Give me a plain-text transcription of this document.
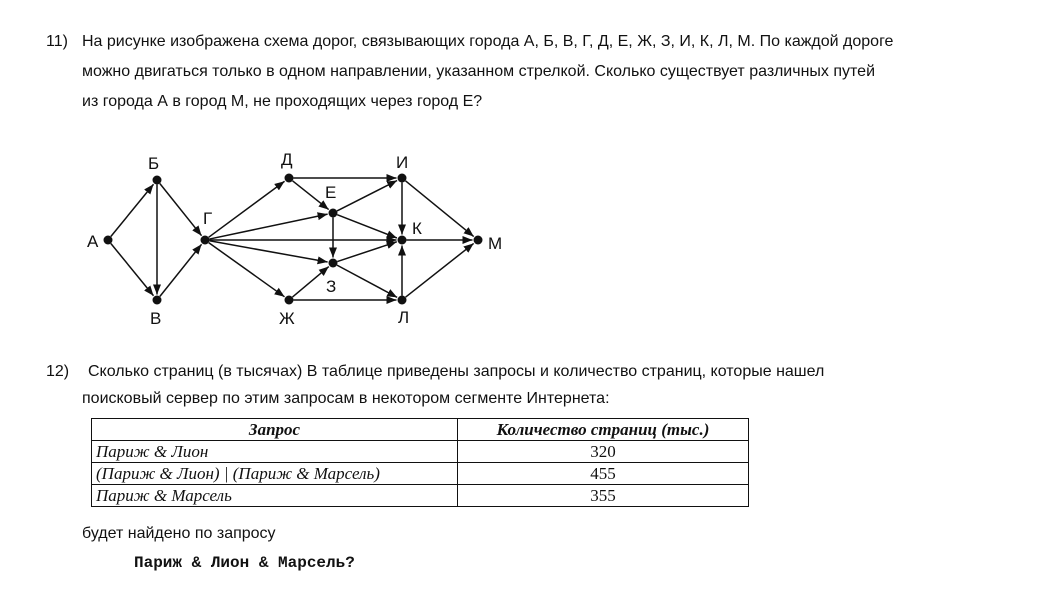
11) На рисунке изображена схема дорог, связывающих города А, Б, В, Г, Д, Е, Ж, З, И, К, Л, М. По каждой дороге
можно двигаться только в одном направлении, указанном стрелкой. Сколько существует различных путей
из города А в город М, не проходящих через город Е?
А
Б
В
Г
Д
Е
Ж
З
И
К
Л
М
12) Сколько страниц (в тысячах) В таблице приведены запросы и количество страниц, которые нашел
поисковый сервер по этим запросам в некотором сегменте Интернета:
Запрос	Количество страниц (тыс.)
Париж & Лион	320
(Париж & Лион) | (Париж & Марсель)	455
Париж & Марсель	355
будет найдено по запросу
Париж & Лион & Марсель?
